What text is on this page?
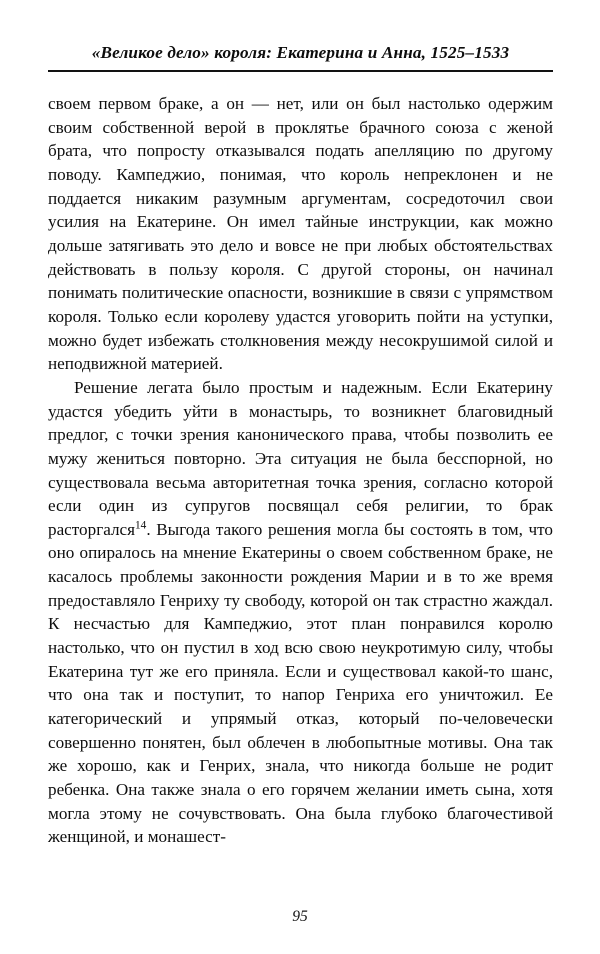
«Великое дело» короля: Екатерина и Анна, 1525–1533

своем первом браке, а он — нет, или он был настолько одержим своим собственной верой в проклятье брачного союза с женой брата, что попросту отказывался подать апелляцию по другому поводу. Кампеджио, понимая, что король непреклонен и не поддается никаким разумным аргументам, сосредоточил свои усилия на Екатерине. Он имел тайные инструкции, как можно дольше затягивать это дело и вовсе не при любых обстоятельствах действовать в пользу короля. С другой стороны, он начинал понимать политические опасности, возникшие в связи с упрямством короля. Только если королеву удастся уговорить пойти на уступки, можно будет избежать столкновения между несокрушимой силой и неподвижной материей.

Решение легата было простым и надежным. Если Екатерину удастся убедить уйти в монастырь, то возникнет благовидный предлог, с точки зрения канонического права, чтобы позволить ее мужу жениться повторно. Эта ситуация не была бесспорной, но существовала весьма авторитетная точка зрения, согласно которой если один из супругов посвящал себя религии, то брак расторгался$^{14}$. Выгода такого решения могла бы состоять в том, что оно опиралось на мнение Екатерины о своем собственном браке, не касалось проблемы законности рождения Марии и в то же время предоставляло Генриху ту свободу, которой он так страстно жаждал. К несчастью для Кампеджио, этот план понравился королю настолько, что он пустил в ход всю свою неукротимую силу, чтобы Екатерина тут же его приняла. Если и существовал какой-то шанс, что она так и поступит, то напор Генриха его уничтожил. Ее категорический и упрямый отказ, который по-человечески совершенно понятен, был облечен в любопытные мотивы. Она так же хорошо, как и Генрих, знала, что никогда больше не родит ребенка. Она также знала о его горячем желании иметь сына, хотя могла этому не сочувствовать. Она была глубоко благочестивой женщиной, и монашест-

95
